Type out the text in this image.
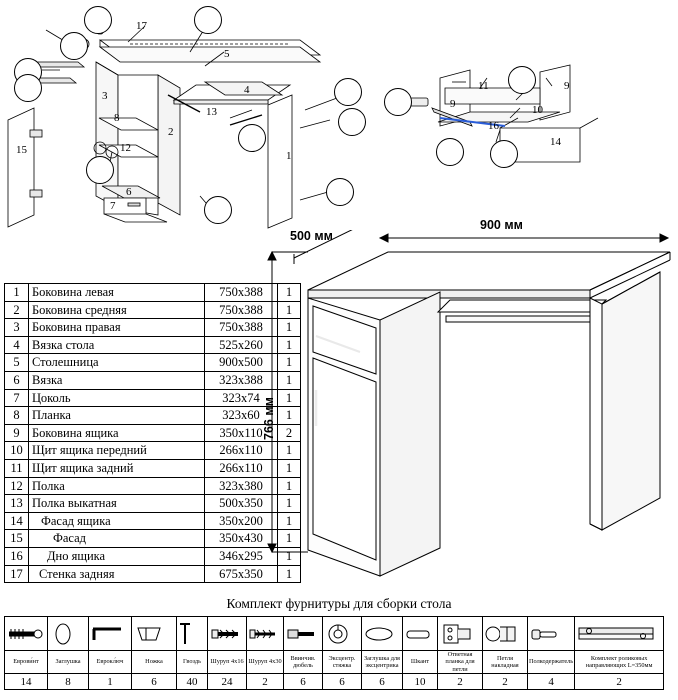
17
5
3	4
13
8
2
12
15	1
6
7
11
9
9
10
16
14
1	Боковина левая	750x388	1
2	Боковина средняя	750x388	1
3	Боковина правая	750x388	1
4	Вязка стола	525x260	1
5	Столешница	900x500	1
6	Вязка	323x388	1
7	Цоколь	323x74	1
8	Планка	323x60	1
9	Боковина ящика	350х110	2
10	Щит ящика передний	266х110	1
11	Щит ящика задний	266х110	1
12	Полка	323x380	1
13	Полка выкатная	500х350	1
14	Фасад ящика	350х200	1
15	Фасад	350х430	1
16	Дно ящика	346х295	1
17	Стенка задняя	675х350	1
500 мм
900 мм
766 мм
Комплект фурнитуры для сборки стола

Еврови́нт	Заглушка	Еврокл́юч	Ножка	Гвоздь	Шуруп 4х16	Шуруп 4х30	Ввинчив. дюбель	Эксцентр. стяжка	Заглушка для эксцентрика	Шкант	Ответная планка для петли	Петля накладная	Полкодержатель	Комплект роликовых направляющих L=350мм
14	8	1	6	40	24	2	6	6	6	10	2	2	4	2
